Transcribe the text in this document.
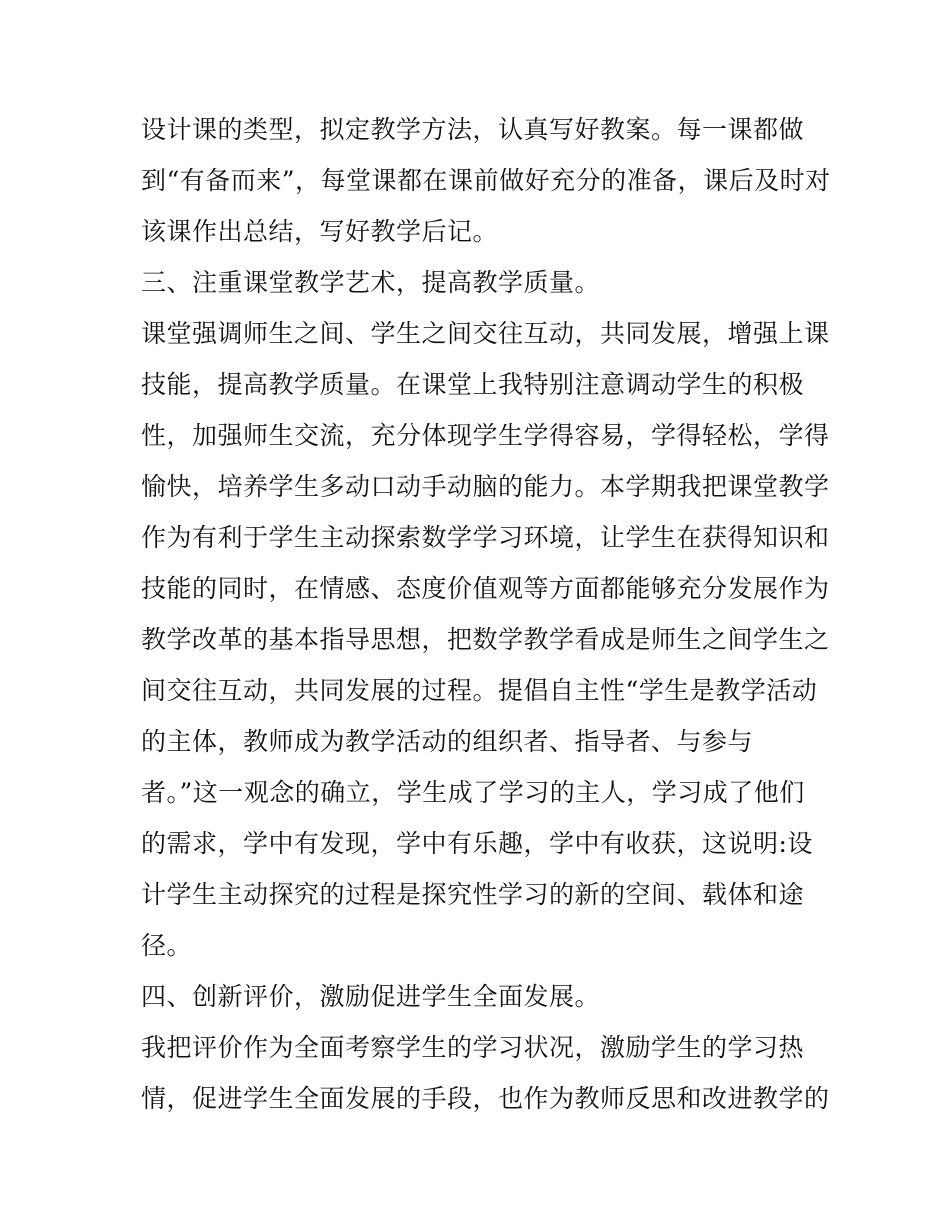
设计课的类型，拟定教学方法，认真写好教案。每一课都做
到“有备而来”，每堂课都在课前做好充分的准备，课后及时对
该课作出总结，写好教学后记。
三、注重课堂教学艺术，提高教学质量。
课堂强调师生之间、学生之间交往互动，共同发展，增强上课
技能，提高教学质量。在课堂上我特别注意调动学生的积极
性，加强师生交流，充分体现学生学得容易，学得轻松，学得
愉快，培养学生多动口动手动脑的能力。本学期我把课堂教学
作为有利于学生主动探索数学学习环境，让学生在获得知识和
技能的同时，在情感、态度价值观等方面都能够充分发展作为
教学改革的基本指导思想，把数学教学看成是师生之间学生之
间交往互动，共同发展的过程。提倡自主性“学生是教学活动
的主体，教师成为教学活动的组织者、指导者、与参与
者。”这一观念的确立，学生成了学习的主人，学习成了他们
的需求，学中有发现，学中有乐趣，学中有收获，这说明:设
计学生主动探究的过程是探究性学习的新的空间、载体和途
径。
四、创新评价，激励促进学生全面发展。
我把评价作为全面考察学生的学习状况，激励学生的学习热
情，促进学生全面发展的手段，也作为教师反思和改进教学的
